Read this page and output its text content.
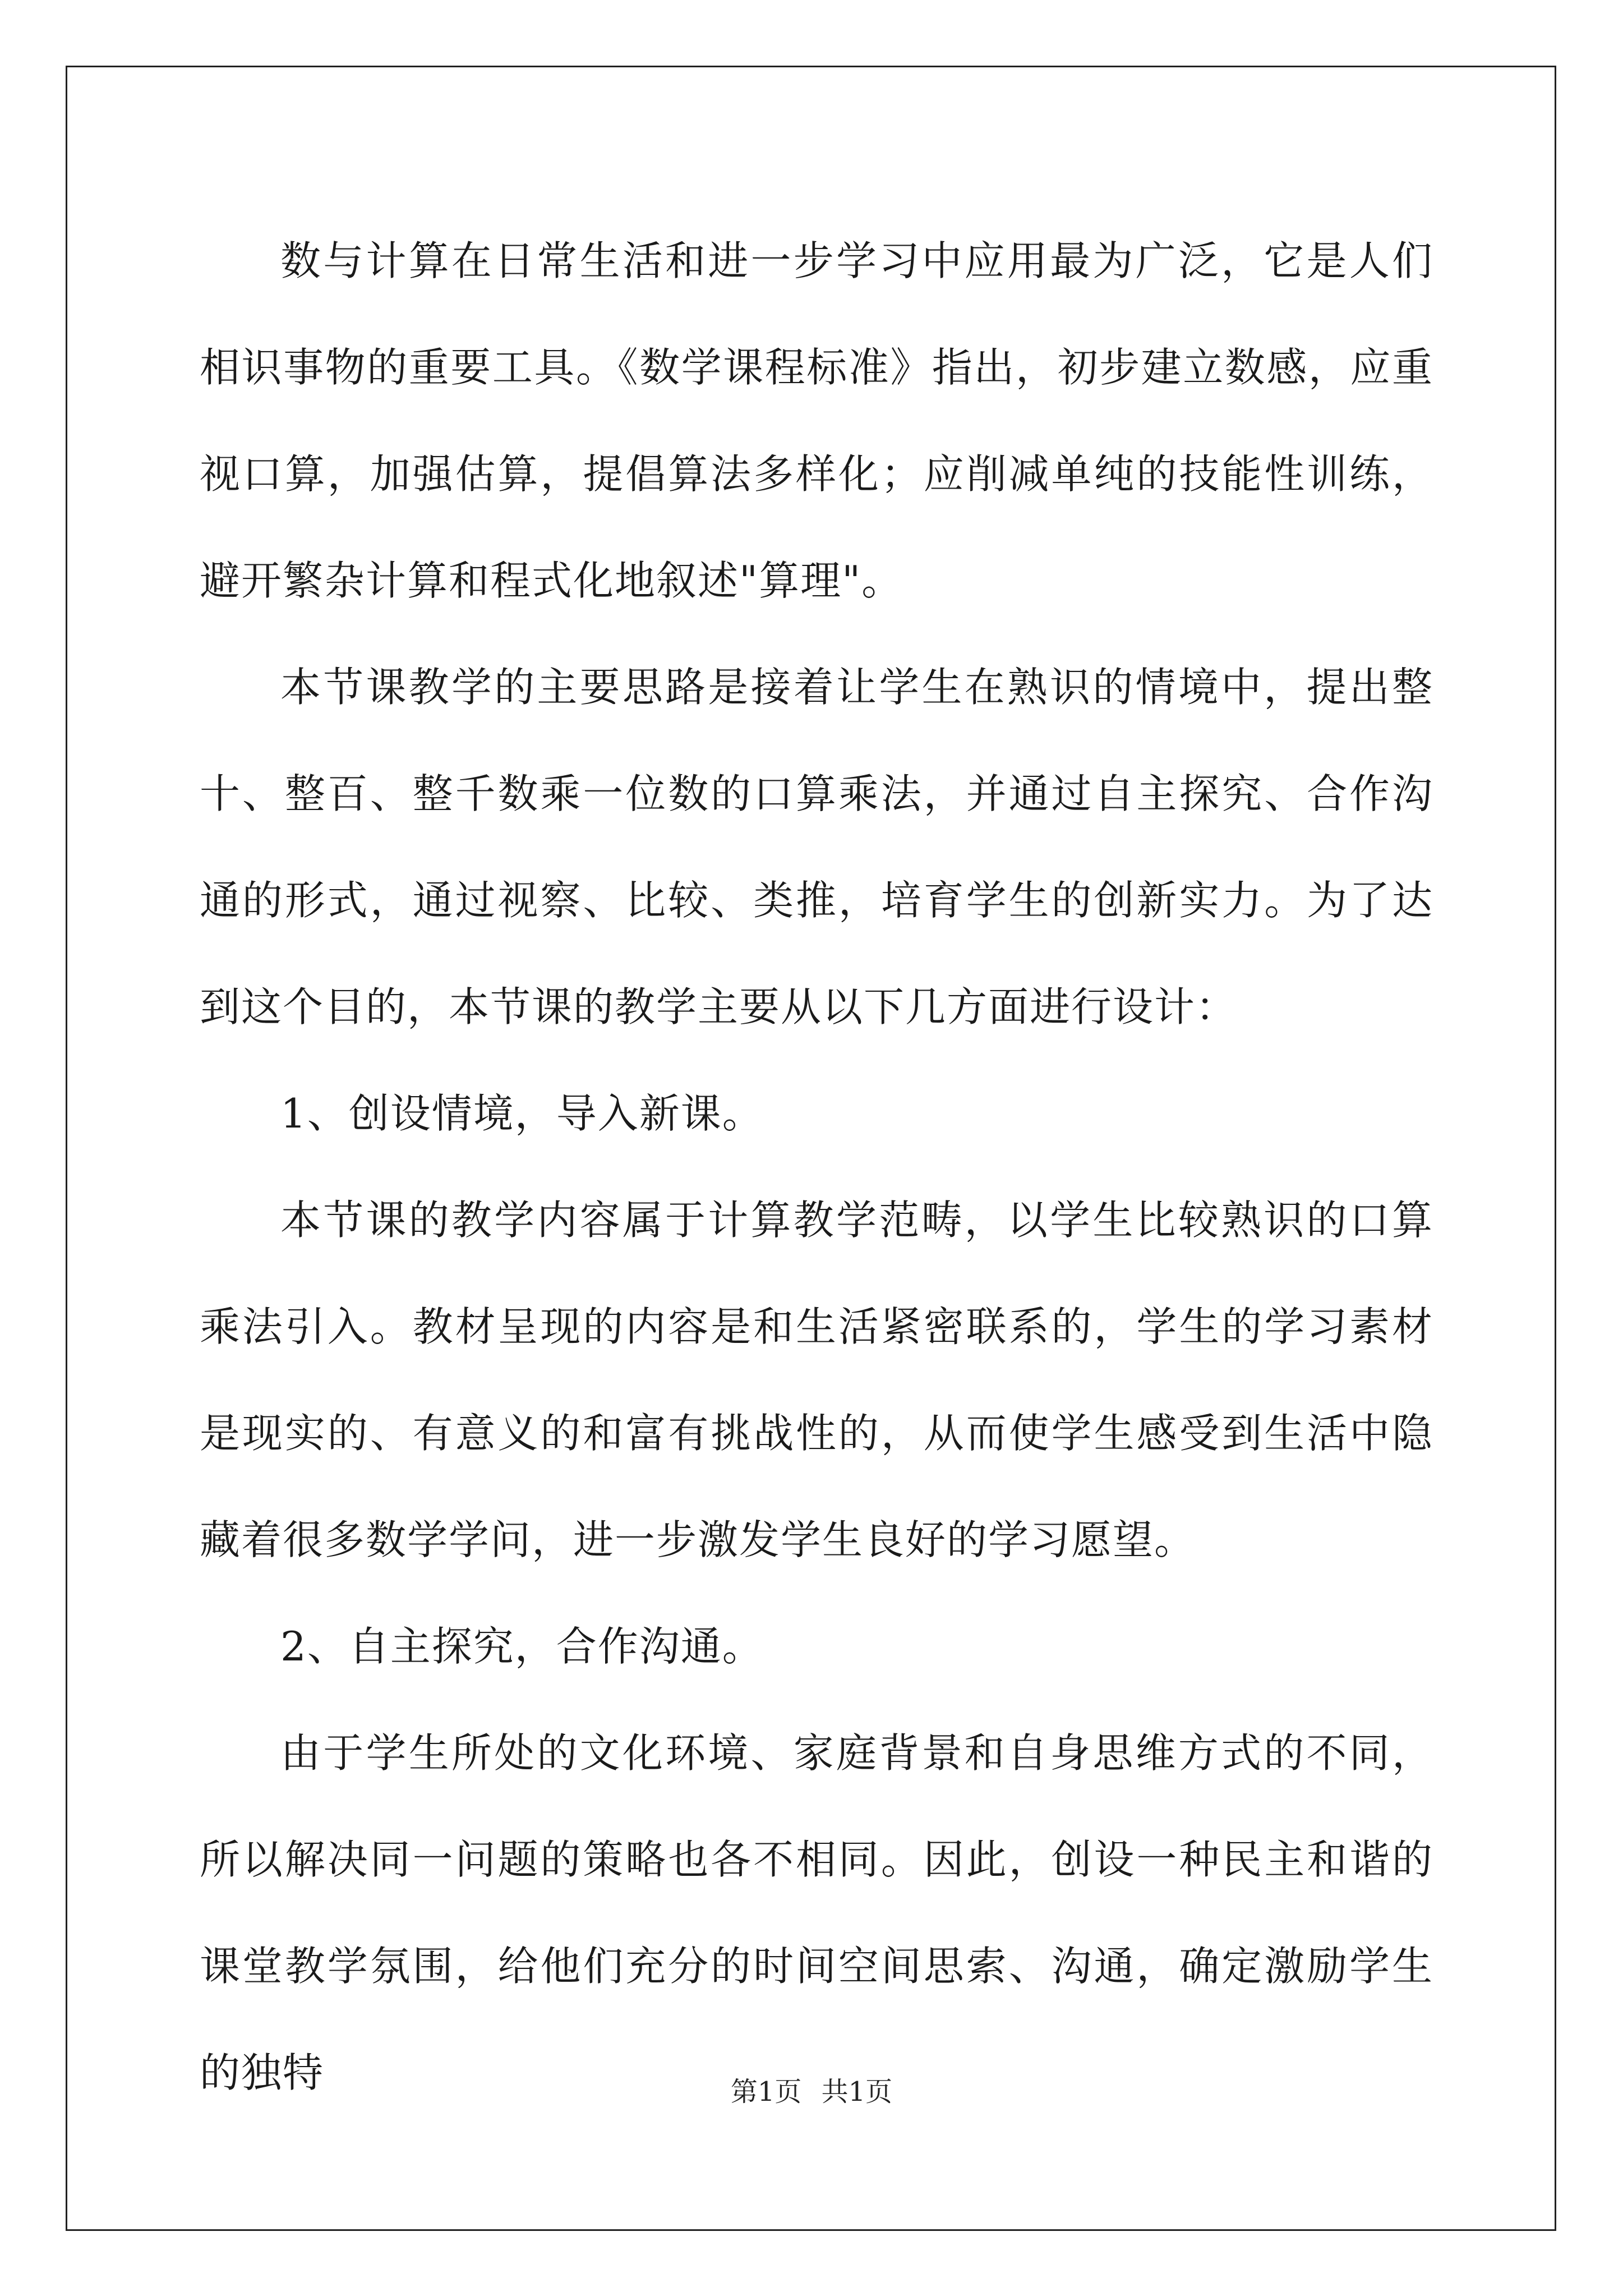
数与计算在日常生活和进一步学习中应用最为广泛，它是人们相识事物的重要工具。《数学课程标准》指出，初步建立数感，应重视口算，加强估算，提倡算法多样化；应削减单纯的技能性训练，避开繁杂计算和程式化地叙述"算理"。

本节课教学的主要思路是接着让学生在熟识的情境中，提出整十、整百、整千数乘一位数的口算乘法，并通过自主探究、合作沟通的形式，通过视察、比较、类推，培育学生的创新实力。为了达到这个目的，本节课的教学主要从以下几方面进行设计：

1、创设情境，导入新课。

本节课的教学内容属于计算教学范畴，以学生比较熟识的口算乘法引入。教材呈现的内容是和生活紧密联系的，学生的学习素材是现实的、有意义的和富有挑战性的，从而使学生感受到生活中隐藏着很多数学学问，进一步激发学生良好的学习愿望。

2、自主探究，合作沟通。

由于学生所处的文化环境、家庭背景和自身思维方式的不同，所以解决同一问题的策略也各不相同。因此，创设一种民主和谐的课堂教学氛围，给他们充分的时间空间思索、沟通，确定激励学生的独特	第1页 共1页
